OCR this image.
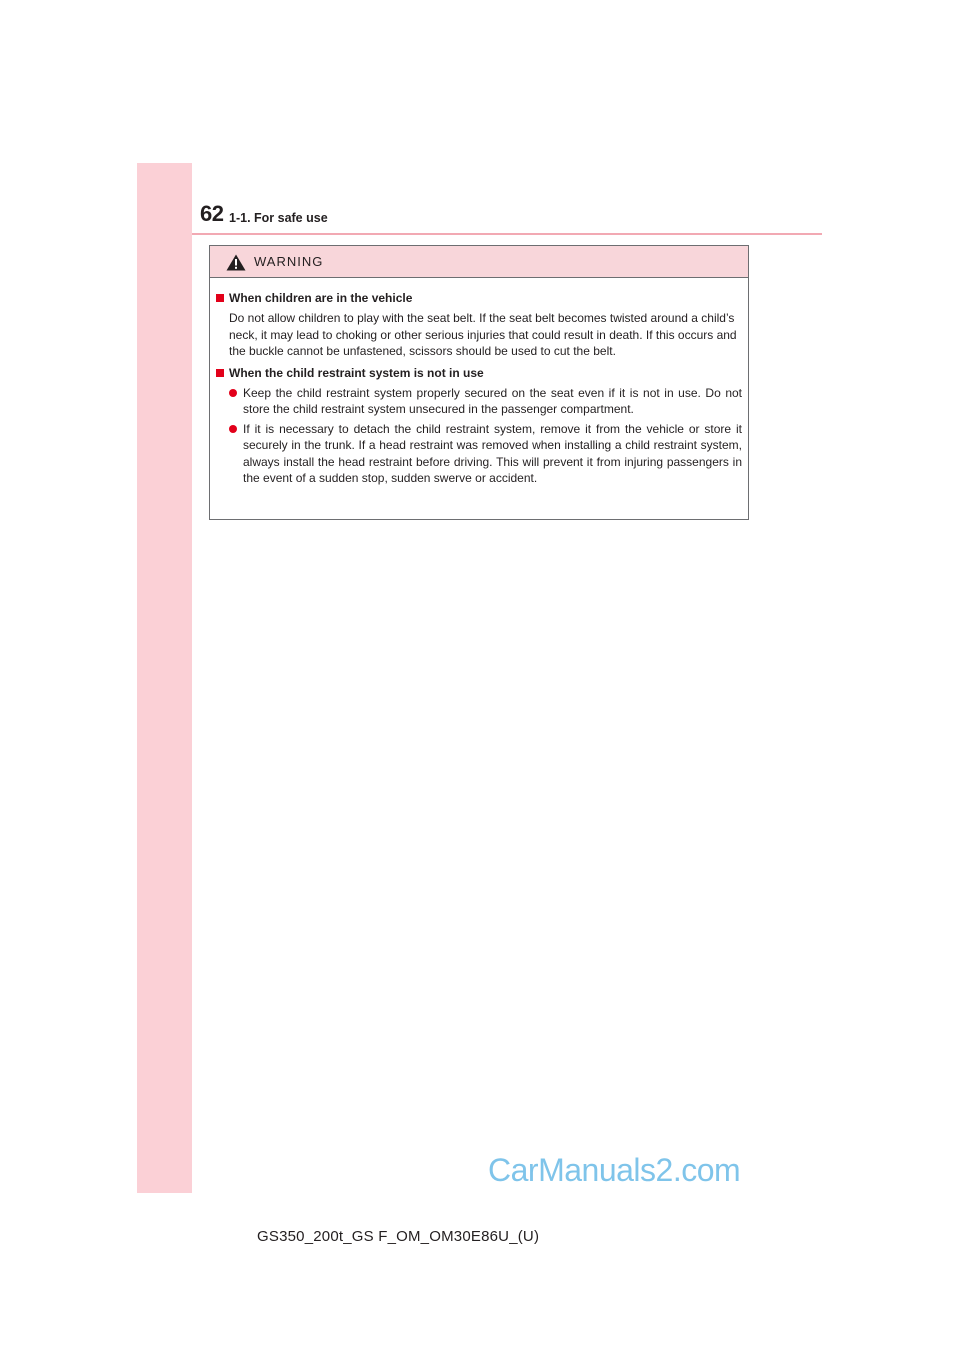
62 1-1. For safe use
WARNING
When children are in the vehicle
Do not allow children to play with the seat belt. If the seat belt becomes twisted around a child’s neck, it may lead to choking or other serious injuries that could result in death. If this occurs and the buckle cannot be unfastened, scissors should be used to cut the belt.
When the child restraint system is not in use
Keep the child restraint system properly secured on the seat even if it is not in use. Do not store the child restraint system unsecured in the passenger compartment.
If it is necessary to detach the child restraint system, remove it from the vehicle or store it securely in the trunk. If a head restraint was removed when installing a child restraint system, always install the head restraint before driving. This will prevent it from injuring passengers in the event of a sudden stop, sudden swerve or accident.
CarManuals2.com
GS350_200t_GS F_OM_OM30E86U_(U)
